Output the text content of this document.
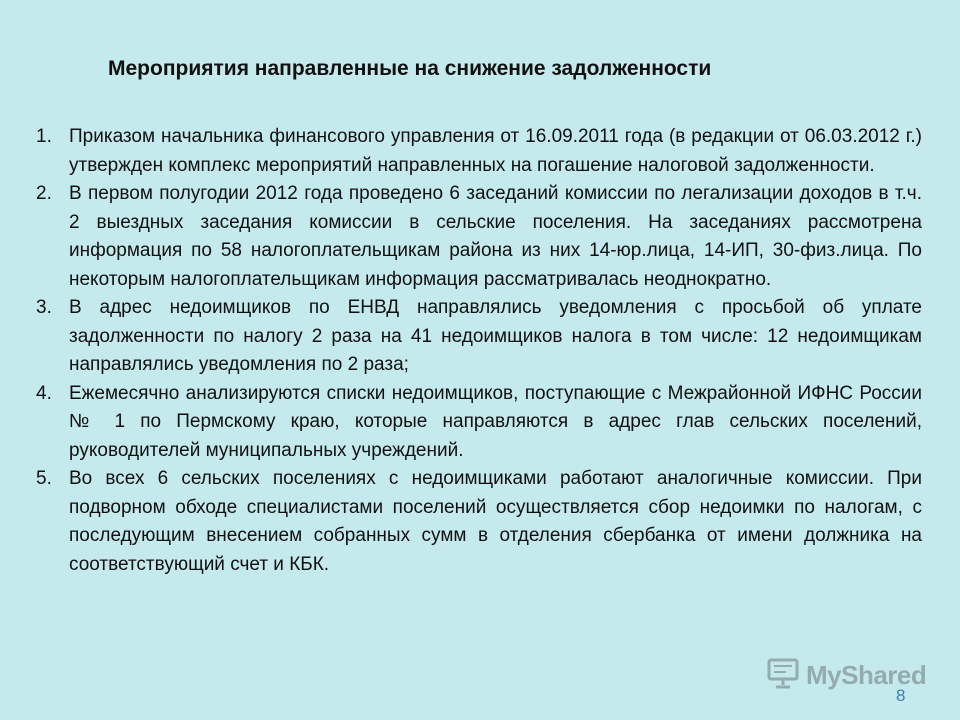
Мероприятия направленные на снижение задолженности
1. Приказом начальника финансового управления от 16.09.2011 года (в редакции от 06.03.2012 г.) утвержден комплекс мероприятий направленных на погашение налоговой задолженности.
2. В первом полугодии 2012 года проведено 6 заседаний комиссии по легализации доходов в т.ч. 2 выездных заседания комиссии в сельские поселения. На заседаниях рассмотрена информация по 58 налогоплательщикам района из них 14-юр.лица, 14-ИП, 30-физ.лица. По некоторым налогоплательщикам информация рассматривалась неоднократно.
3. В адрес недоимщиков по ЕНВД направлялись уведомления с просьбой об уплате задолженности по налогу 2 раза на 41 недоимщиков налога в том числе: 12 недоимщикам направлялись уведомления по 2 раза;
4. Ежемесячно анализируются списки недоимщиков, поступающие с Межрайонной ИФНС России № 1 по Пермскому краю, которые направляются в адрес глав сельских поселений, руководителей муниципальных учреждений.
5. Во всех 6 сельских поселениях с недоимщиками работают аналогичные комиссии. При подворном обходе специалистами поселений осуществляется сбор недоимки по налогам, с последующим внесением собранных сумм в отделения сбербанка от имени должника на соответствующий счет и КБК.
MyShared
8
